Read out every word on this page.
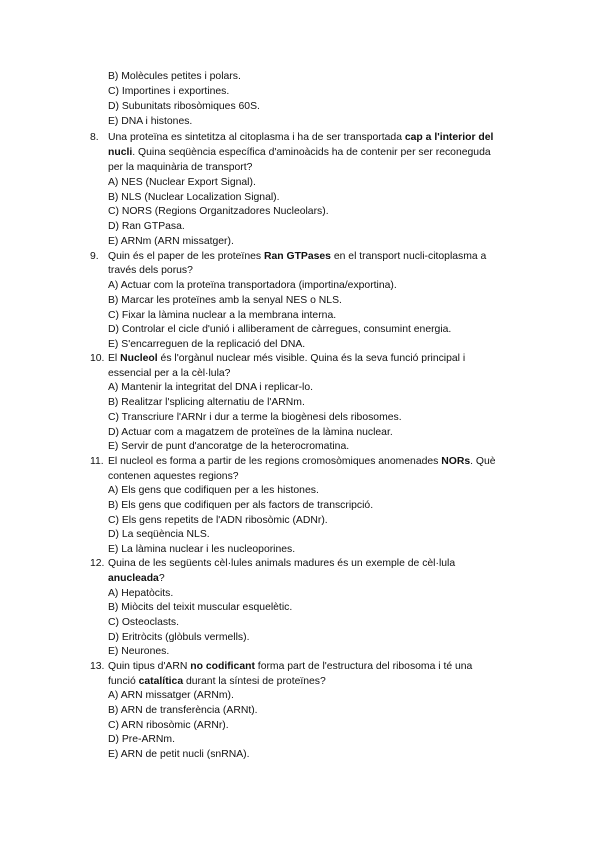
B) Molècules petites i polars.
C) Importines i exportines.
D) Subunitats ribosòmiques 60S.
E) DNA i histones.
8. Una proteïna es sintetitza al citoplasma i ha de ser transportada cap a l'interior del
nucli. Quina seqüència específica d'aminoàcids ha de contenir per ser reconeguda
per la maquinària de transport?
A) NES (Nuclear Export Signal).
B) NLS (Nuclear Localization Signal).
C) NORS (Regions Organitzadores Nucleolars).
D) Ran GTPasa.
E) ARNm (ARN missatger).
9. Quin és el paper de les proteïnes Ran GTPases en el transport nucli-citoplasma a
través dels porus?
A) Actuar com la proteïna transportadora (importina/exportina).
B) Marcar les proteïnes amb la senyal NES o NLS.
C) Fixar la làmina nuclear a la membrana interna.
D) Controlar el cicle d'unió i alliberament de càrregues, consumint energia.
E) S'encarreguen de la replicació del DNA.
10. El Nucleol és l'orgànul nuclear més visible. Quina és la seva funció principal i
essencial per a la cèl·lula?
A) Mantenir la integritat del DNA i replicar-lo.
B) Realitzar l'splicing alternatiu de l'ARNm.
C) Transcriure l'ARNr i dur a terme la biogènesi dels ribosomes.
D) Actuar com a magatzem de proteïnes de la làmina nuclear.
E) Servir de punt d'ancoratge de la heterocromatina.
11. El nucleol es forma a partir de les regions cromosòmiques anomenades NORs. Què
contenen aquestes regions?
A) Els gens que codifiquen per a les histones.
B) Els gens que codifiquen per als factors de transcripció.
C) Els gens repetits de l'ADN ribosòmic (ADNr).
D) La seqüència NLS.
E) La làmina nuclear i les nucleoporines.
12. Quina de les següents cèl·lules animals madures és un exemple de cèl·lula
anucleada?
A) Hepatòcits.
B) Miòcits del teixit muscular esquelètic.
C) Osteoclasts.
D) Eritròcits (glòbuls vermells).
E) Neurones.
13. Quin tipus d'ARN no codificant forma part de l'estructura del ribosoma i té una
funció catalítica durant la síntesi de proteïnes?
A) ARN missatger (ARNm).
B) ARN de transferència (ARNt).
C) ARN ribosòmic (ARNr).
D) Pre-ARNm.
E) ARN de petit nucli (snRNA).
